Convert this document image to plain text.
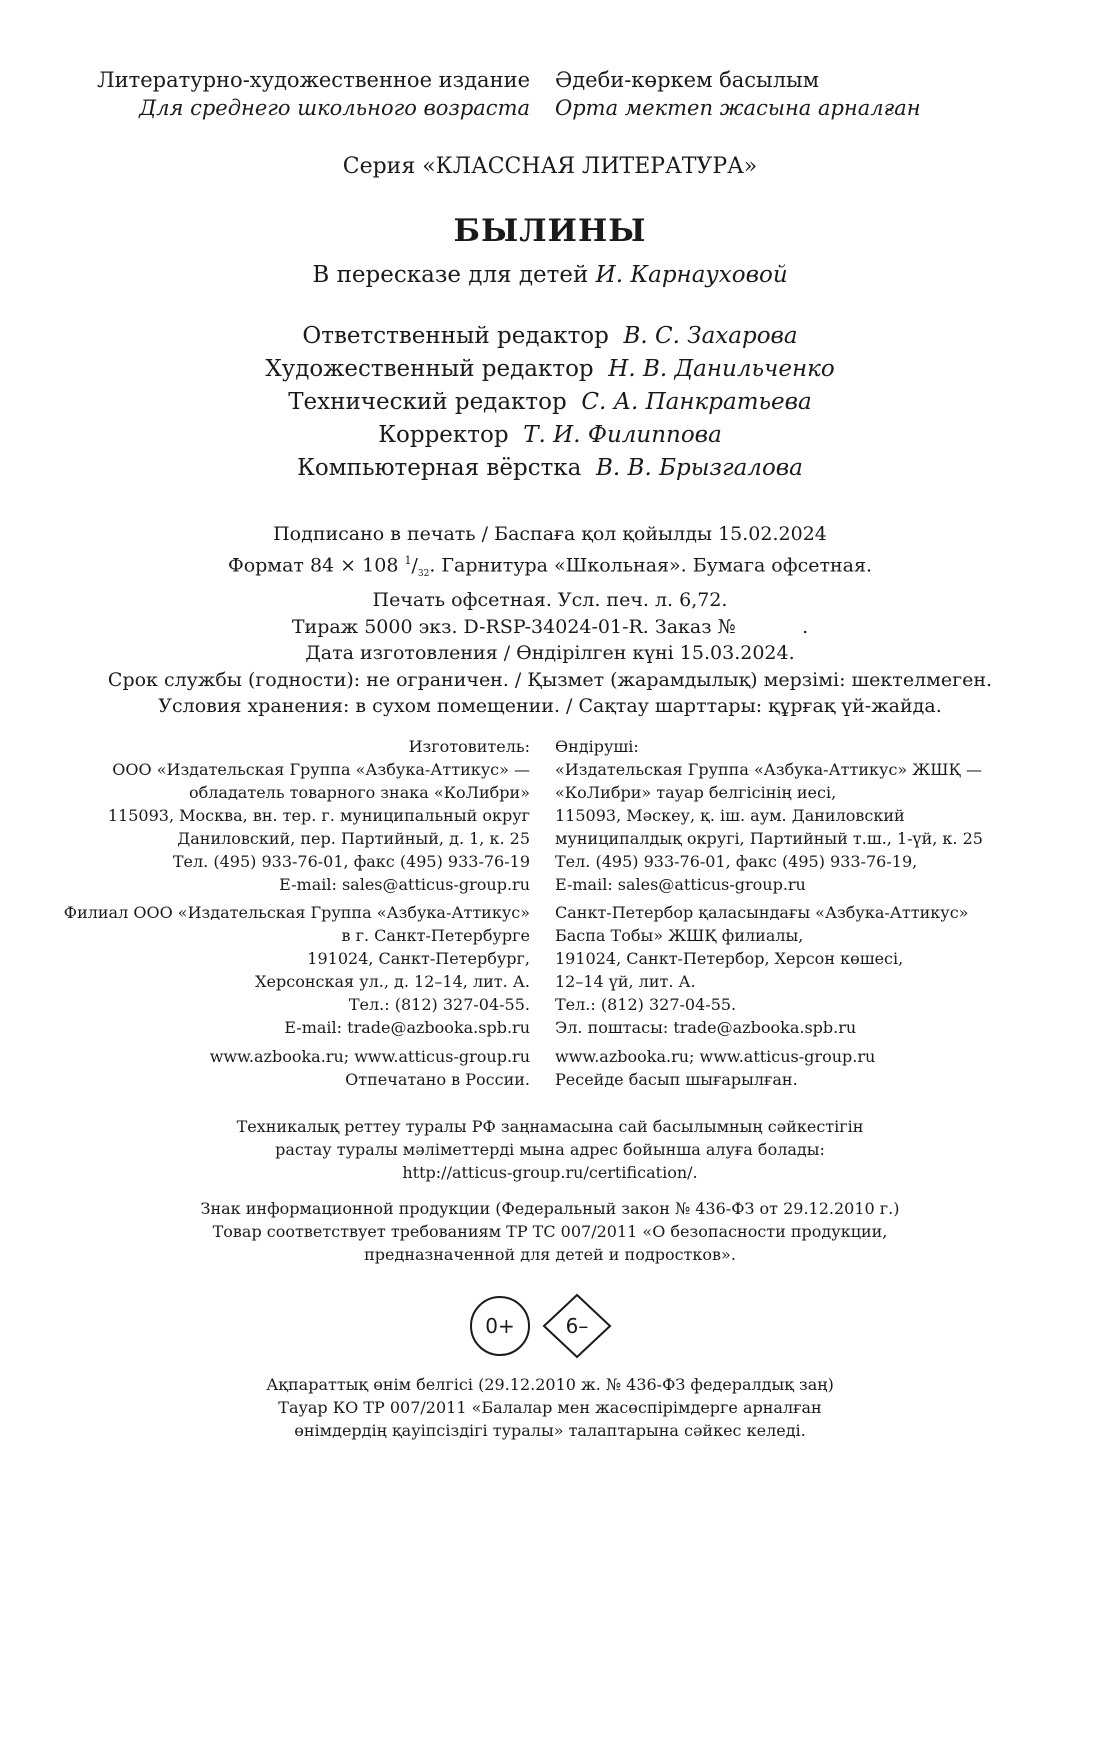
Литературно-художественное издание
Для среднего школьного возраста
Әдеби-көркем басылым
Орта мектеп жасына арналған
Серия «КЛАССНАЯ ЛИТЕРАТУРА»
БЫЛИНЫ
В пересказе для детей И. Карнауховой
Ответственный редактор В. С. Захарова
Художественный редактор Н. В. Данильченко
Технический редактор С. А. Панкратьева
Корректор Т. И. Филиппова
Компьютерная вёрстка В. В. Брызгалова
Подписано в печать / Баспаға қол қойылды 15.02.2024
Формат 84 × 108 $^1/_{32}$. Гарнитура «Школьная». Бумага офсетная.
Печать офсетная. Усл. печ. л. 6,72.
Тираж 5000 экз. D-RSP-34024-01-R. Заказ №           .
Дата изготовления / Өндірілген күні 15.03.2024.
Срок службы (годности): не ограничен. / Қызмет (жарамдылық) мерзімі: шектелмеген.
Условия хранения: в сухом помещении. / Сақтау шарттары: құрғақ үй-жайда.
Изготовитель:
ООО «Издательская Группа «Азбука-Аттикус» —
обладатель товарного знака «КоЛибри»
115093, Москва, вн. тер. г. муниципальный округ
Даниловский, пер. Партийный, д. 1, к. 25
Тел. (495) 933-76-01, факс (495) 933-76-19
E-mail: sales@atticus-group.ru
Өндіруші:
«Издательская Группа «Азбука-Аттикус» ЖШҚ —
«КоЛибри» тауар белгісінің иесі,
115093, Мәскеу, қ. іш. аум. Даниловский
муниципалдық округі, Партийный т.ш., 1-үй, к. 25
Тел. (495) 933-76-01, факс (495) 933-76-19,
E-mail: sales@atticus-group.ru
Филиал ООО «Издательская Группа «Азбука-Аттикус»
в г. Санкт-Петербурге
191024, Санкт-Петербург,
Херсонская ул., д. 12–14, лит. А.
Тел.: (812) 327-04-55.
E-mail: trade@azbooka.spb.ru
Санкт-Петербор қаласындағы «Азбука-Аттикус»
Баспа Тобы» ЖШҚ филиалы,
191024, Санкт-Петербор, Херсон көшесі,
12–14 үй, лит. А.
Тел.: (812) 327-04-55.
Эл. поштасы: trade@azbooka.spb.ru
www.azbooka.ru; www.atticus-group.ru
Отпечатано в России.
www.azbooka.ru; www.atticus-group.ru
Ресейде басып шығарылған.
Техникалық реттеу туралы РФ заңнамасына сай басылымның сәйкестігін
растау туралы мәліметтерді мына адрес бойынша алуға болады:
http://atticus-group.ru/certification/.
Знак информационной продукции (Федеральный закон № 436-ФЗ от 29.12.2010 г.)
Товар соответствует требованиям ТР ТС 007/2011 «О безопасности продукции,
предназначенной для детей и подростков».
0+	6–
Ақпараттық өнім белгісі (29.12.2010 ж. № 436-ФЗ федералдық заң)
Тауар КО ТР 007/2011 «Балалар мен жасөспірімдерге арналған
өнімдердің қауіпсіздігі туралы» талаптарына сәйкес келеді.
